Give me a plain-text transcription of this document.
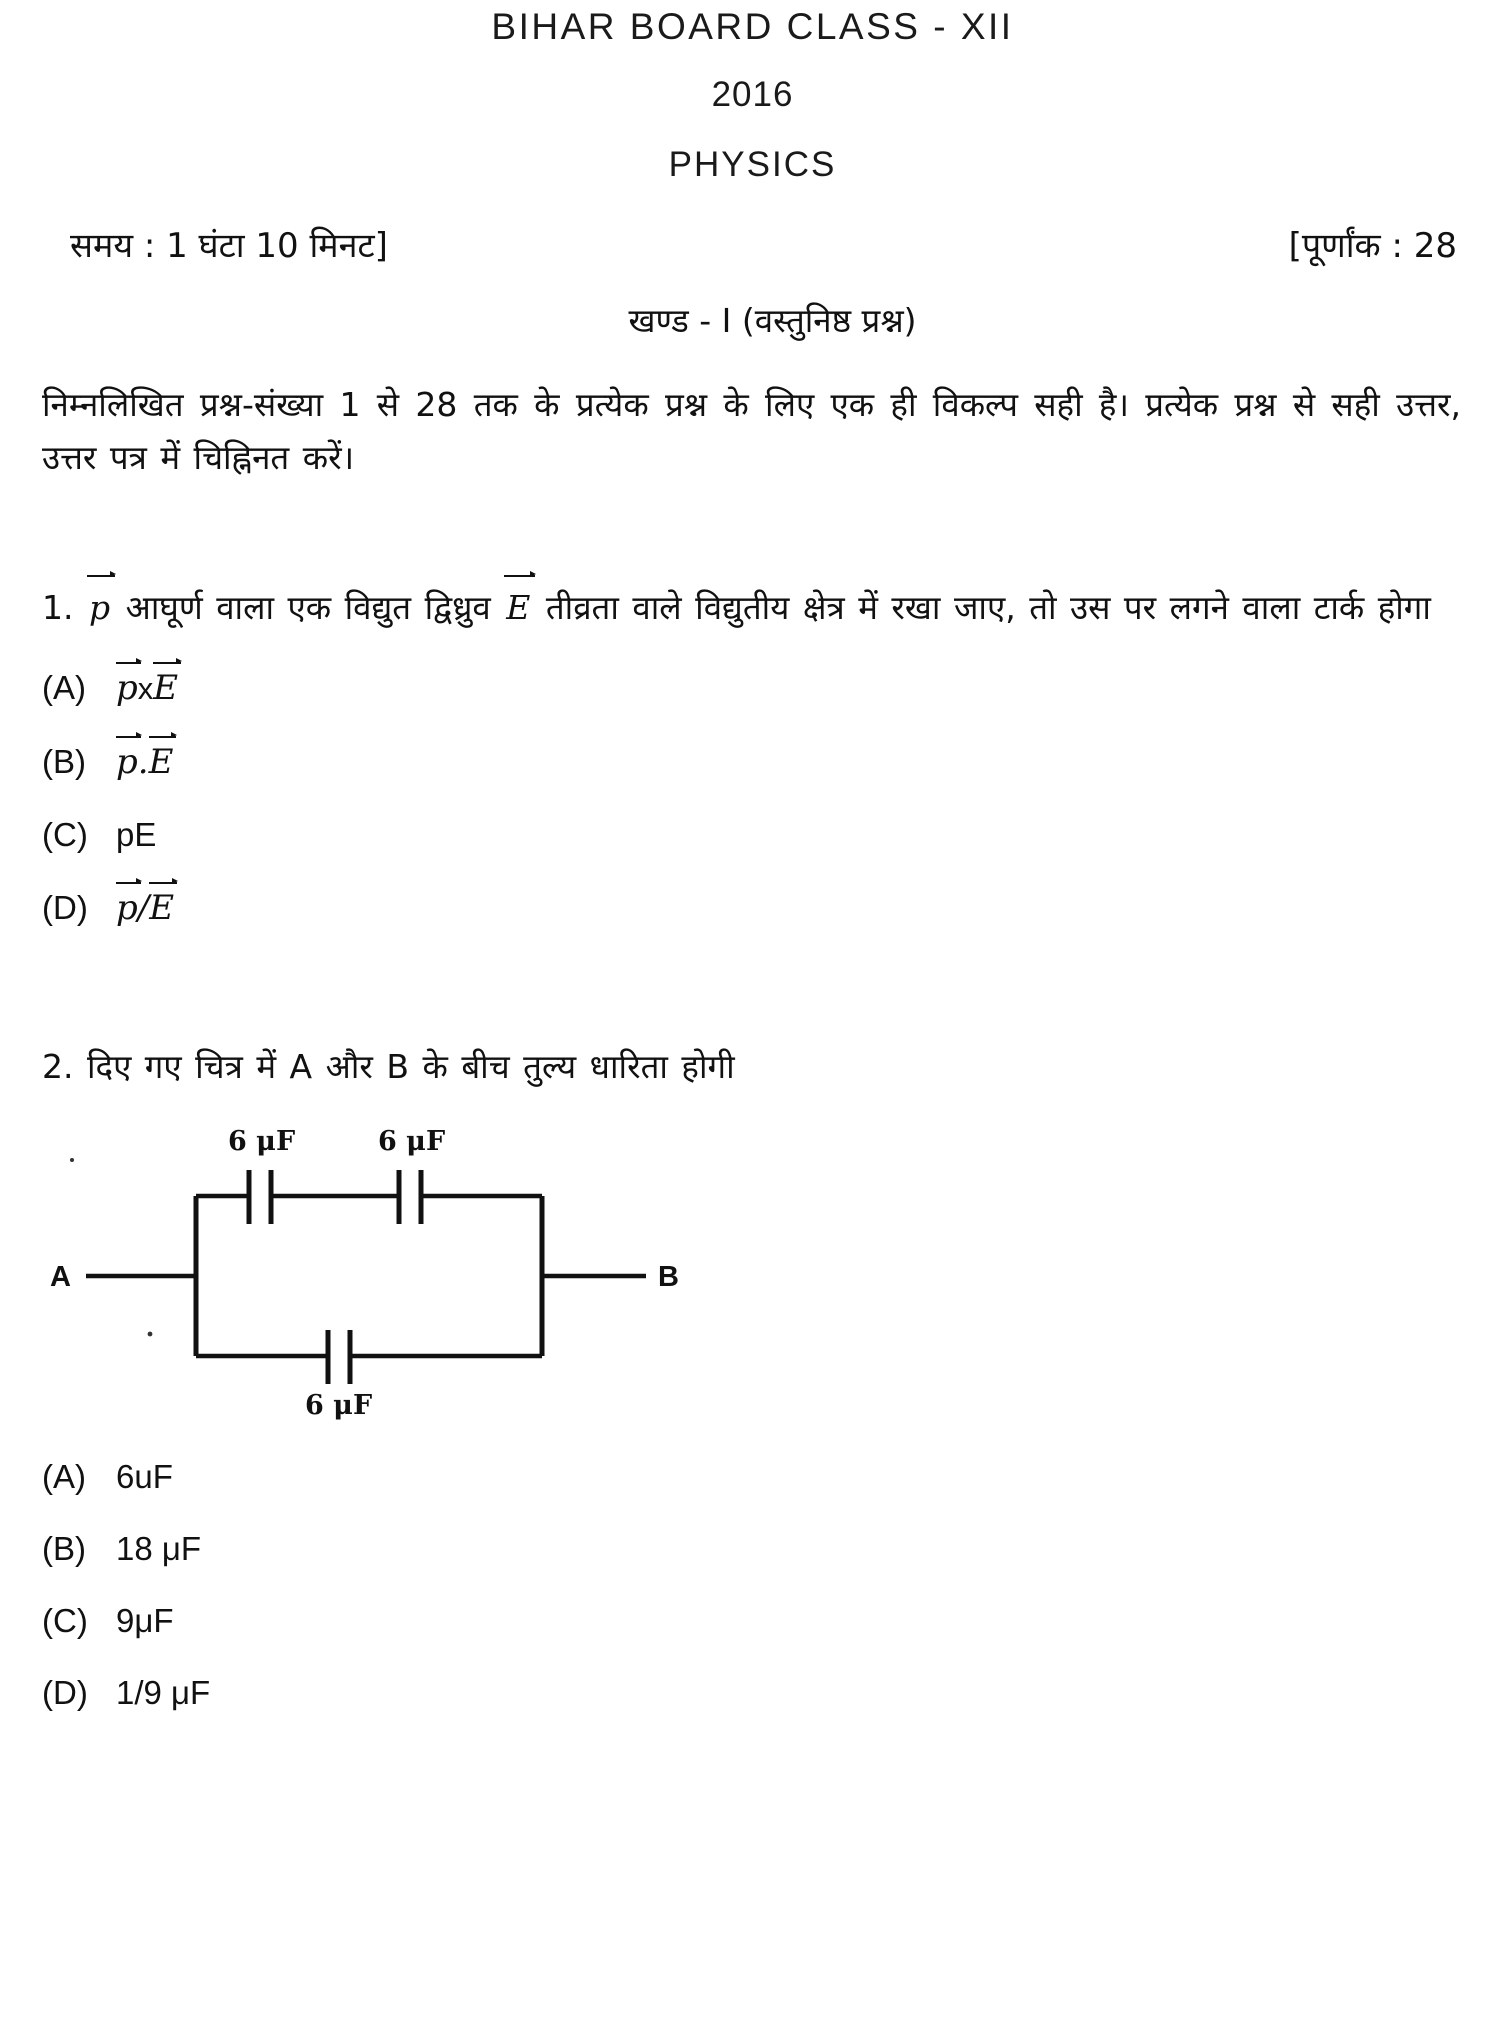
BIHAR BOARD CLASS - XII
2016
PHYSICS
समय : 1 घंटा 10 मिनट]	[पूर्णांक : 28
खण्ड - I (वस्तुनिष्ठ प्रश्न)
निम्नलिखित प्रश्न-संख्या 1 से 28 तक के प्रत्येक प्रश्न के लिए एक ही विकल्प सही है। प्रत्येक प्रश्न से सही उत्तर, उत्तर पत्र में चिह्निनत करें।
1. p आघूर्ण वाला एक विद्युत द्विध्रुव E तीव्रता वाले विद्युतीय क्षेत्र में रखा जाए, तो उस पर लगने वाला टार्क होगा
(A) pxE
(B) p.E
(C) pE
(D) p/E
2. दिए गए चित्र में A और B के बीच तुल्य धारिता होगी
6 μF	6 μF
6 μF
A	B
(A) 6uF
(B) 18 μF
(C) 9μF
(D) 1/9 μF
